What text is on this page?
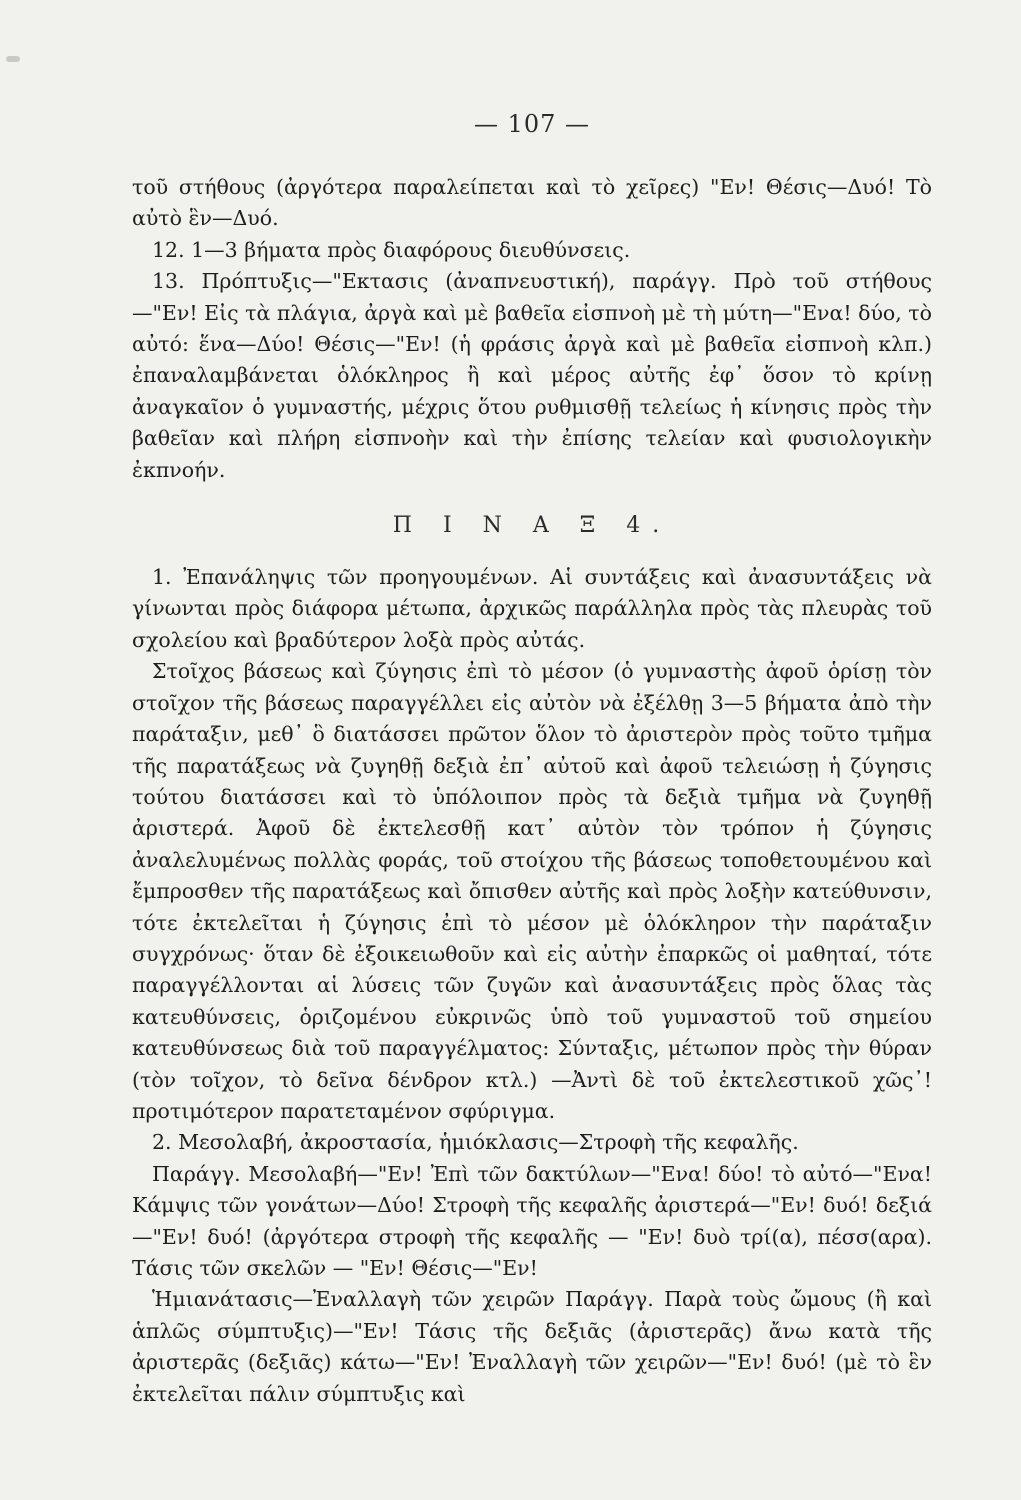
— 107 —

τοῦ στήθους (ἀργότερα παραλείπεται καὶ τὸ χεῖρες) "Εν! Θέσις—Δυό! Τὸ αὐτὸ ἓν—Δυό.

12. 1—3 βήματα πρὸς διαφόρους διευθύνσεις.

13. Πρόπτυξις—"Εκτασις (ἀναπνευστική), παράγγ. Πρὸ τοῦ στήθους—"Εν! Εἰς τὰ πλάγια, ἀργὰ καὶ μὲ βαθεῖα εἰσπνοὴ μὲ τὴ μύτη—"Ενα! δύο, τὸ αὐτό: ἕνα—Δύο! Θέσις—"Εν! (ἡ φράσις ἀργὰ καὶ μὲ βαθεῖα εἰσπνοὴ κλπ.) ἐπαναλαμβάνεται ὁλόκληρος ἢ καὶ μέρος αὐτῆς ἐφ᾽ ὅσον τὸ κρίνῃ ἀναγκαῖον ὁ γυμναστής, μέχρις ὅτου ρυθμισθῇ τελείως ἡ κίνησις πρὸς τὴν βαθεῖαν καὶ πλήρη εἰσπνοὴν καὶ τὴν ἐπίσης τελείαν καὶ φυσιολογικὴν ἐκπνοήν.

Π Ι Ν Α Ξ 4.

1. Ἐπανάληψις τῶν προηγουμένων. Αἱ συντάξεις καὶ ἀνασυντάξεις νὰ γίνωνται πρὸς διάφορα μέτωπα, ἀρχικῶς παράλληλα πρὸς τὰς πλευρὰς τοῦ σχολείου καὶ βραδύτερον λοξὰ πρὸς αὐτάς.

Στοῖχος βάσεως καὶ ζύγησις ἐπὶ τὸ μέσον (ὁ γυμναστὴς ἀφοῦ ὁρίσῃ τὸν στοῖχον τῆς βάσεως παραγγέλλει εἰς αὐτὸν νὰ ἐξέλθῃ 3—5 βήματα ἀπὸ τὴν παράταξιν, μεθ᾽ ὃ διατάσσει πρῶτον ὅλον τὸ ἀριστερὸν πρὸς τοῦτο τμῆμα τῆς παρατάξεως νὰ ζυγηθῇ δεξιὰ ἐπ᾽ αὐτοῦ καὶ ἀφοῦ τελειώσῃ ἡ ζύγησις τούτου διατάσσει καὶ τὸ ὑπόλοιπον πρὸς τὰ δεξιὰ τμῆμα νὰ ζυγηθῇ ἀριστερά. Ἀφοῦ δὲ ἐκτελεσθῇ κατ᾽ αὐτὸν τὸν τρόπον ἡ ζύγησις ἀναλελυμένως πολλὰς φοράς, τοῦ στοίχου τῆς βάσεως τοποθετουμένου καὶ ἔμπροσθεν τῆς παρατάξεως καὶ ὄπισθεν αὐτῆς καὶ πρὸς λοξὴν κατεύθυνσιν, τότε ἐκτελεῖται ἡ ζύγησις ἐπὶ τὸ μέσον μὲ ὁλόκληρον τὴν παράταξιν συγχρόνως· ὅταν δὲ ἐξοικειωθοῦν καὶ εἰς αὐτὴν ἐπαρκῶς οἱ μαθηταί, τότε παραγγέλλονται αἱ λύσεις τῶν ζυγῶν καὶ ἀνασυντάξεις πρὸς ὅλας τὰς κατευθύνσεις, ὁριζομένου εὐκρινῶς ὑπὸ τοῦ γυμναστοῦ τοῦ σημείου κατευθύνσεως διὰ τοῦ παραγγέλματος: Σύνταξις, μέτωπον πρὸς τὴν θύραν (τὸν τοῖχον, τὸ δεῖνα δένδρον κτλ.) —Ἀντὶ δὲ τοῦ ἐκτελεστικοῦ χῶς᾽! προτιμότερον παρατεταμένον σφύριγμα.

2. Μεσολαβή, ἀκροστασία, ἡμιόκλασις—Στροφὴ τῆς κεφαλῆς.

Παράγγ. Μεσολαβή—"Εν! Ἐπὶ τῶν δακτύλων—"Ενα! δύο! τὸ αὐτό—"Ενα! Κάμψις τῶν γονάτων—Δύο! Στροφὴ τῆς κεφαλῆς ἀριστερά—"Εν! δυό! δεξιά—"Εν! δυό! (ἀργότερα στροφὴ τῆς κεφαλῆς — "Εν! δυὸ τρί(α), πέσσ(αρα). Τάσις τῶν σκελῶν — "Εν! Θέσις—"Εν!

Ἡμιανάτασις—Ἐναλλαγὴ τῶν χειρῶν Παράγγ. Παρὰ τοὺς ὤμους (ἢ καὶ ἁπλῶς σύμπτυξις)—"Εν! Τάσις τῆς δεξιᾶς (ἀριστερᾶς) ἄνω κατὰ τῆς ἀριστερᾶς (δεξιᾶς) κάτω—"Εν! Ἐναλλαγὴ τῶν χειρῶν—"Εν! δυό! (μὲ τὸ ἓν ἐκτελεῖται πάλιν σύμπτυξις καὶ
